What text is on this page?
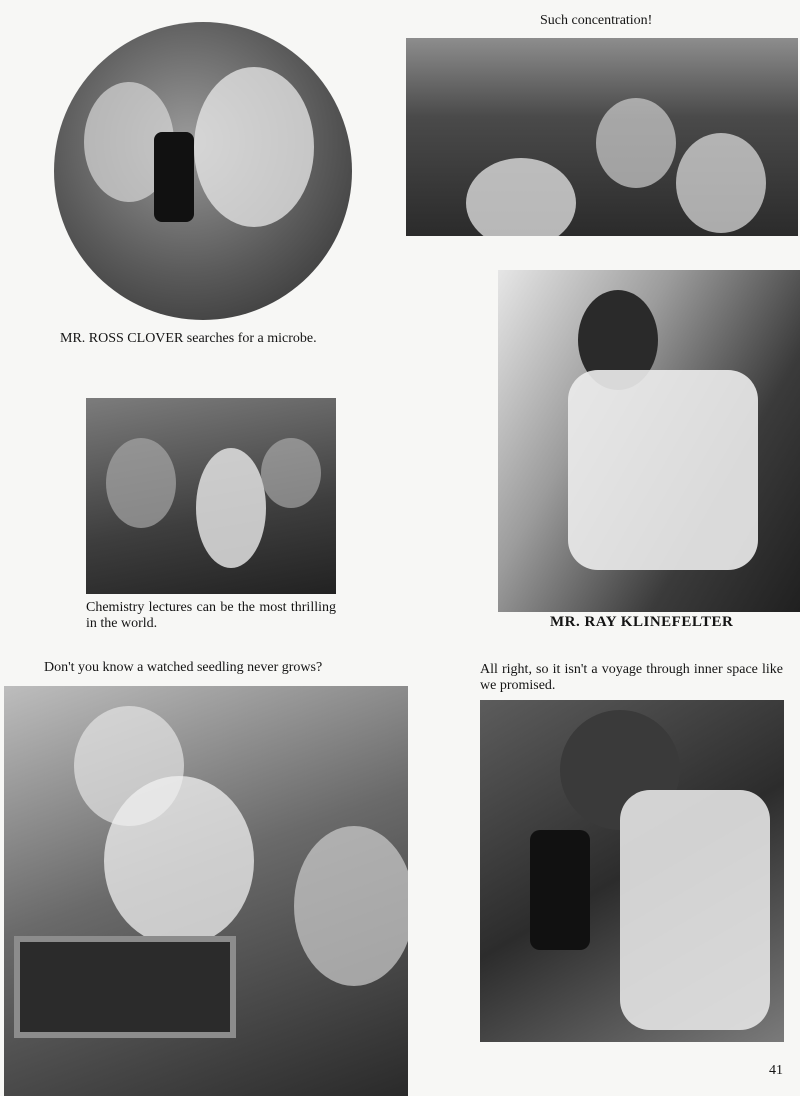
MR. ROSS CLOVER searches for a microbe.

Such concentration!

Chemistry lectures can be the most thrilling in the world.	MR. RAY KLINEFELTER
Don't you know a watched seedling never grows?	All right, so it isn't a voyage through inner space like we promised.

41
